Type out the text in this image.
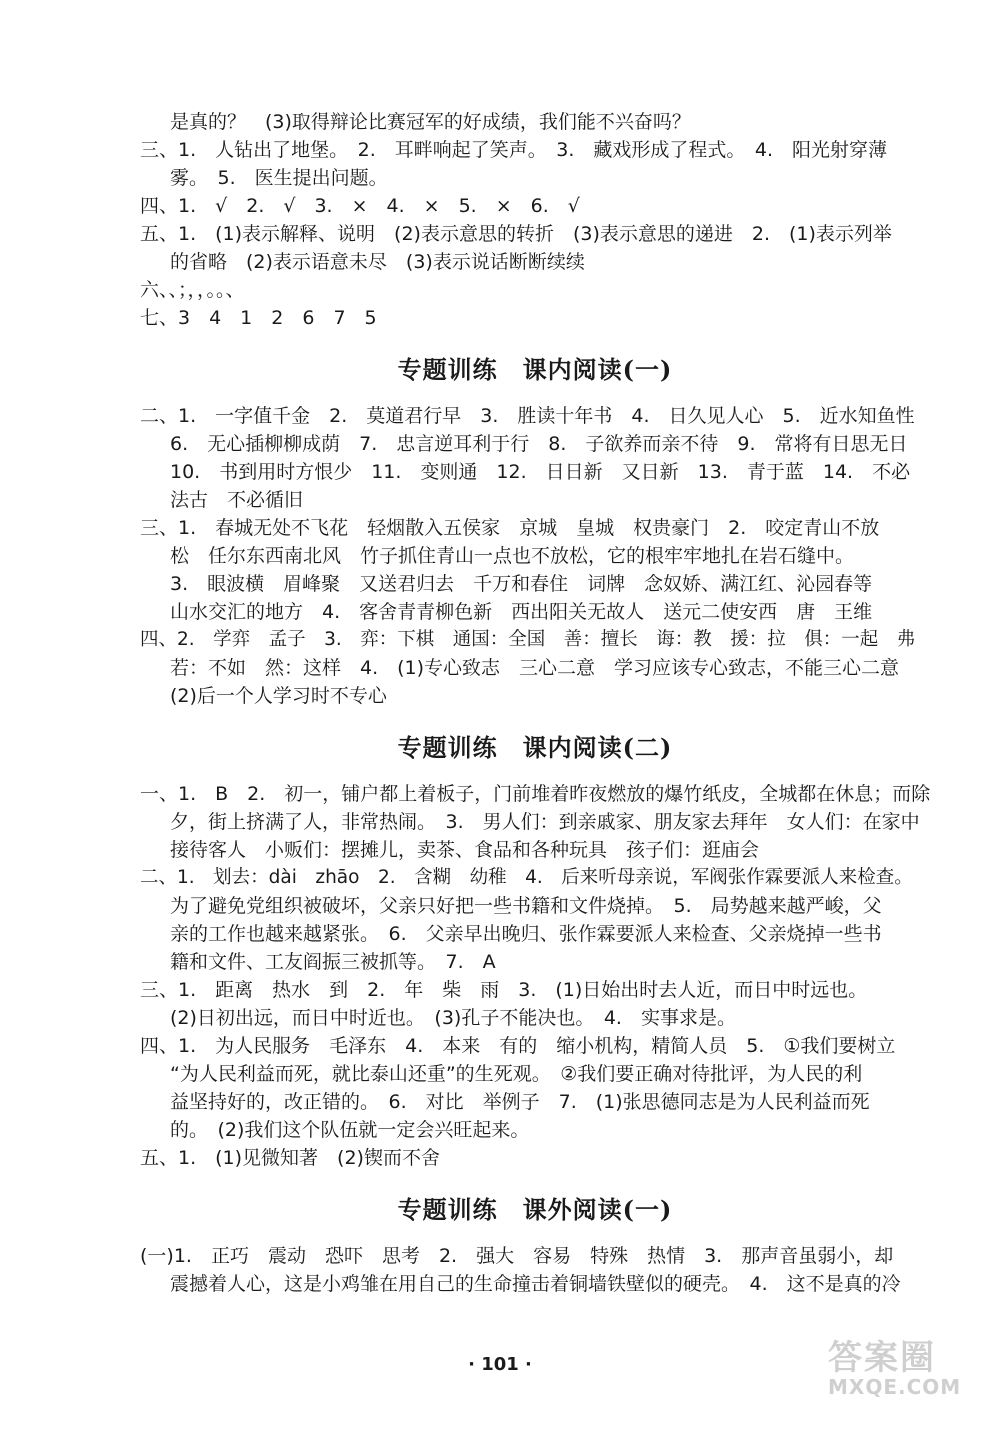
是真的？　(3)取得辩论比赛冠军的好成绩，我们能不兴奋吗？
三、1.　人钻出了地堡。　2.　耳畔响起了笑声。　3.　藏戏形成了程式。　4.　阳光射穿薄
雾。　5.　医生提出问题。
四、1.　√　2.　√　3.　×　4.　×　5.　×　6.　√
五、1.　(1)表示解释、说明　(2)表示意思的转折　(3)表示意思的递进　2.　(1)表示列举
的省略　(2)表示语意未尽　(3)表示说话断断续续
六、、；，，。。、
七、3　4　1　2　6　7　5
专题训练　课内阅读(一)
二、1.　一字值千金　2.　莫道君行早　3.　胜读十年书　4.　日久见人心　5.　近水知鱼性
6.　无心插柳柳成荫　7.　忠言逆耳利于行　8.　子欲养而亲不待　9.　常将有日思无日
10.　书到用时方恨少　11.　变则通　12.　日日新　又日新　13.　青于蓝　14.　不必
法古　不必循旧
三、1.　春城无处不飞花　轻烟散入五侯家　京城　皇城　权贵豪门　2.　咬定青山不放
松　任尔东西南北风　竹子抓住青山一点也不放松，它的根牢牢地扎在岩石缝中。
3.　眼波横　眉峰聚　又送君归去　千万和春住　词牌　念奴娇、满江红、沁园春等
山水交汇的地方　4.　客舍青青柳色新　西出阳关无故人　送元二使安西　唐　王维
四、2.　学弈　孟子　3.　弈：下棋　通国：全国　善：擅长　诲：教　援：拉　俱：一起　弗
若：不如　然：这样　4.　(1)专心致志　三心二意　学习应该专心致志，不能三心二意
(2)后一个人学习时不专心
专题训练　课内阅读(二)
一、1.　B　2.　初一，铺户都上着板子，门前堆着昨夜燃放的爆竹纸皮，全城都在休息；而除
夕，街上挤满了人，非常热闹。　3.　男人们：到亲戚家、朋友家去拜年　女人们：在家中
接待客人　小贩们：摆摊儿，卖茶、食品和各种玩具　孩子们：逛庙会
二、1.　划去：dài　zhāo　2.　含糊　幼稚　4.　后来听母亲说，军阀张作霖要派人来检查。
为了避免党组织被破坏，父亲只好把一些书籍和文件烧掉。　5.　局势越来越严峻，父
亲的工作也越来越紧张。　6.　父亲早出晚归、张作霖要派人来检查、父亲烧掉一些书
籍和文件、工友阎振三被抓等。　7.　A
三、1.　距离　热水　到　2.　年　柴　雨　3.　(1)日始出时去人近，而日中时远也。
(2)日初出远，而日中时近也。　(3)孔子不能决也。　4.　实事求是。
四、1.　为人民服务　毛泽东　4.　本来　有的　缩小机构，精简人员　5.　①我们要树立
“为人民利益而死，就比泰山还重”的生死观。　②我们要正确对待批评，为人民的利
益坚持好的，改正错的。　6.　对比　举例子　7.　(1)张思德同志是为人民利益而死
的。　(2)我们这个队伍就一定会兴旺起来。
五、1.　(1)见微知著　(2)锲而不舍
专题训练　课外阅读(一)
(一)1.　正巧　震动　恐吓　思考　2.　强大　容易　特殊　热情　3.　那声音虽弱小，却
震撼着人心，这是小鸡雏在用自己的生命撞击着铜墙铁壁似的硬壳。　4.　这不是真的冷
· 101 ·	答案圈
MXQE.COM
